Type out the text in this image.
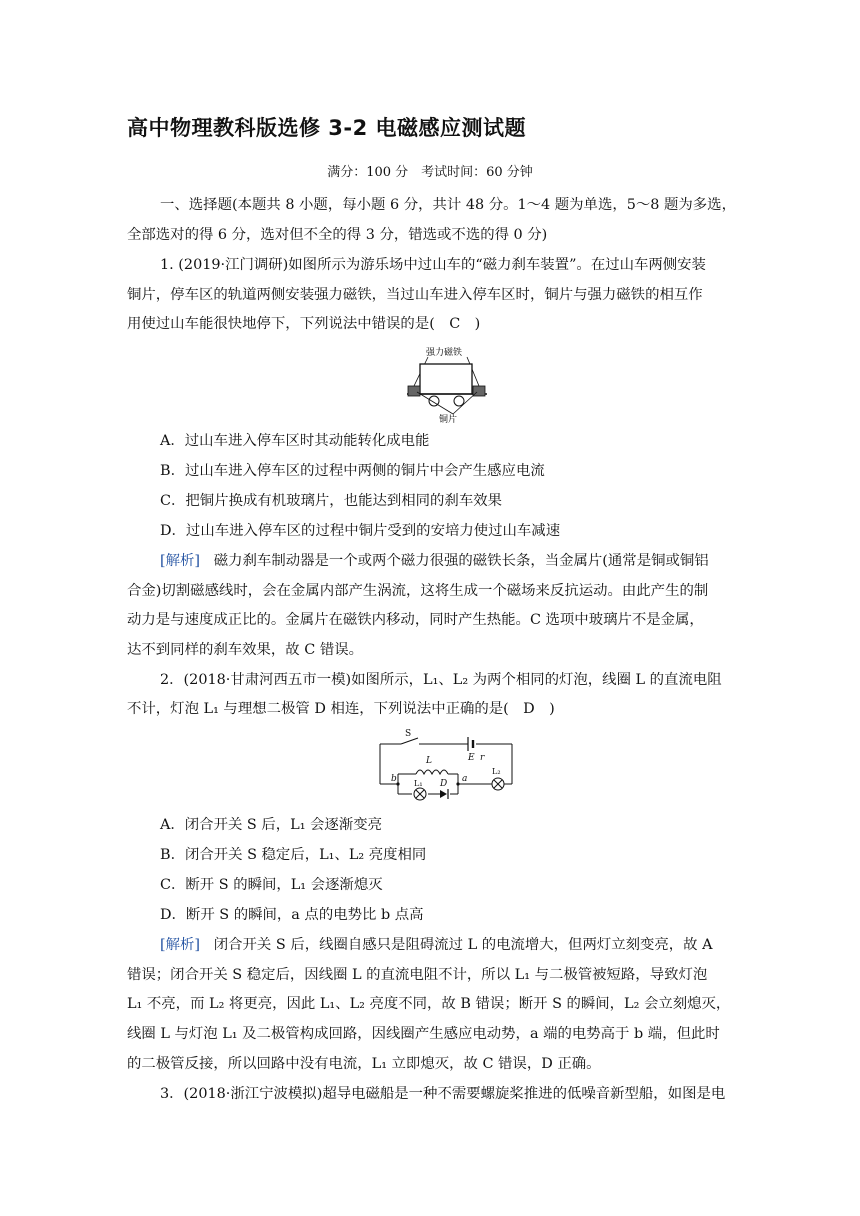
高中物理教科版选修 3-2 电磁感应测试题
满分：100 分　考试时间：60 分钟
一、选择题(本题共 8 小题，每小题 6 分，共计 48 分。1～4 题为单选，5～8 题为多选，
全部选对的得 6 分，选对但不全的得 3 分，错选或不选的得 0 分)
1. (2019·江门调研)如图所示为游乐场中过山车的“磁力刹车装置”。在过山车两侧安装
铜片，停车区的轨道两侧安装强力磁铁，当过山车进入停车区时，铜片与强力磁铁的相互作
用使过山车能很快地停下，下列说法中错误的是(　C　)
强力磁铁
铜片
A．过山车进入停车区时其动能转化成电能
B．过山车进入停车区的过程中两侧的铜片中会产生感应电流
C．把铜片换成有机玻璃片，也能达到相同的刹车效果
D．过山车进入停车区的过程中铜片受到的安培力使过山车减速
[解析] 磁力刹车制动器是一个或两个磁力很强的磁铁长条，当金属片(通常是铜或铜铝
合金)切割磁感线时，会在金属内部产生涡流，这将生成一个磁场来反抗运动。由此产生的制
动力是与速度成正比的。金属片在磁铁内移动，同时产生热能。C 选项中玻璃片不是金属，
达不到同样的刹车效果，故 C 错误。
2．(2018·甘肃河西五市一模)如图所示，L₁、L₂ 为两个相同的灯泡，线圈 L 的直流电阻
不计，灯泡 L₁ 与理想二极管 D 相连，下列说法中正确的是(　D　)
S
E r
L
b	a
L₁ D
L₂
A．闭合开关 S 后，L₁ 会逐渐变亮
B．闭合开关 S 稳定后，L₁、L₂ 亮度相同
C．断开 S 的瞬间，L₁ 会逐渐熄灭
D．断开 S 的瞬间，a 点的电势比 b 点高
[解析] 闭合开关 S 后，线圈自感只是阻碍流过 L 的电流增大，但两灯立刻变亮，故 A
错误；闭合开关 S 稳定后，因线圈 L 的直流电阻不计，所以 L₁ 与二极管被短路，导致灯泡
L₁ 不亮，而 L₂ 将更亮，因此 L₁、L₂ 亮度不同，故 B 错误；断开 S 的瞬间，L₂ 会立刻熄灭，
线圈 L 与灯泡 L₁ 及二极管构成回路，因线圈产生感应电动势，a 端的电势高于 b 端，但此时
的二极管反接，所以回路中没有电流，L₁ 立即熄灭，故 C 错误，D 正确。
3．(2018·浙江宁波模拟)超导电磁船是一种不需要螺旋桨推进的低噪音新型船，如图是电
